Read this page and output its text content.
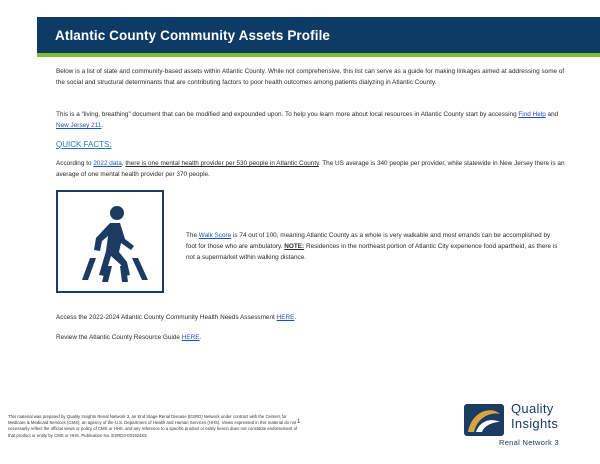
Atlantic County Community Assets Profile

Below is a list of state and community-based assets within Atlantic County. While not comprehensive, this list can serve as a guide for making linkages aimed at addressing some of the social and structural determinants that are contributing factors to poor health outcomes among patients dialyzing in Atlantic County.

This is a “living, breathing” document that can be modified and expounded upon. To help you learn more about local resources in Atlantic County start by accessing Find Help and New Jersey 211.

QUICK FACTS:

According to 2022 data, there is one mental health provider per 530 people in Atlantic County. The US average is 340 people per provider, while statewide in New Jersey there is an average of one mental health provider per 370 people.

The Walk Score is 74 out of 100, meaning Atlantic County as a whole is very walkable and most errands can be accomplished by foot for those who are ambulatory. NOTE: Residences in the northeast portion of Atlantic City experience food apartheid, as there is not a supermarket within walking distance.

Access the 2022-2024 Atlantic County Community Health Needs Assessment HERE.

Review the Atlantic County Resource Guide HERE.

This material was prepared by Quality Insights Renal Network 3, an End Stage Renal Disease (ESRD) Network under contract with the Centers for Medicare & Medicaid Services (CMS), an agency of the U.S. Department of Health and Human Services (HHS). Views expressed in this material do not necessarily reflect the official views or policy of CMS or HHS, and any reference to a specific product or entity herein does not constitute endorsement of that product or entity by CMS or HHS. Publication No. ESRD3-031924K5

1
Quality
Insights
Renal Network 3
